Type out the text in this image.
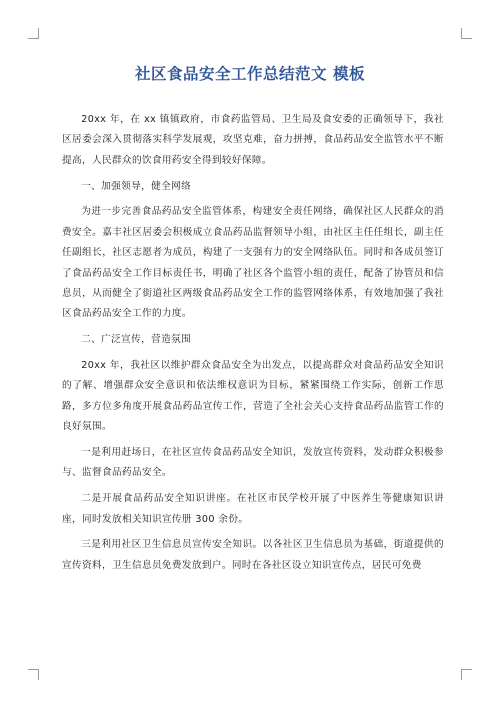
社区食品安全工作总结范文 模板

20xx 年，在 xx 镇镇政府，市食药监管局、卫生局及食安委的正确领导下，我社区居委会深入贯彻落实科学发展观，攻坚克难，奋力拼搏，食品药品安全监管水平不断提高，人民群众的饮食用药安全得到较好保障。

一、加强领导，健全网络

为进一步完善食品药品安全监管体系，构建安全责任网络，确保社区人民群众的消费安全。嘉丰社区居委会积极成立食品药品监督领导小组，由社区主任任组长，副主任任副组长，社区志愿者为成员，构建了一支强有力的安全网络队伍。同时和各成员签订了食品药品安全工作目标责任书，明确了社区各个监管小组的责任，配备了协管员和信息员，从而健全了街道社区两级食品药品安全工作的监管网络体系，有效地加强了我社区食品药品安全工作的力度。

二、广泛宣传，营造氛围

20xx 年，我社区以维护群众食品安全为出发点，以提高群众对食品药品安全知识的了解、增强群众安全意识和依法维权意识为目标，紧紧围绕工作实际，创新工作思路，多方位多角度开展食品药品宣传工作，营造了全社会关心支持食品药品监管工作的良好氛围。

一是利用赶场日，在社区宣传食品药品安全知识，发放宣传资料，发动群众积极参与、监督食品药品安全。

二是开展食品药品安全知识讲座。在社区市民学校开展了中医养生等健康知识讲座，同时发放相关知识宣传册 300 余份。

三是利用社区卫生信息员宣传安全知识。以各社区卫生信息员为基础，街道提供的宣传资料，卫生信息员免费发放到户。同时在各社区设立知识宣传点，居民可免费
